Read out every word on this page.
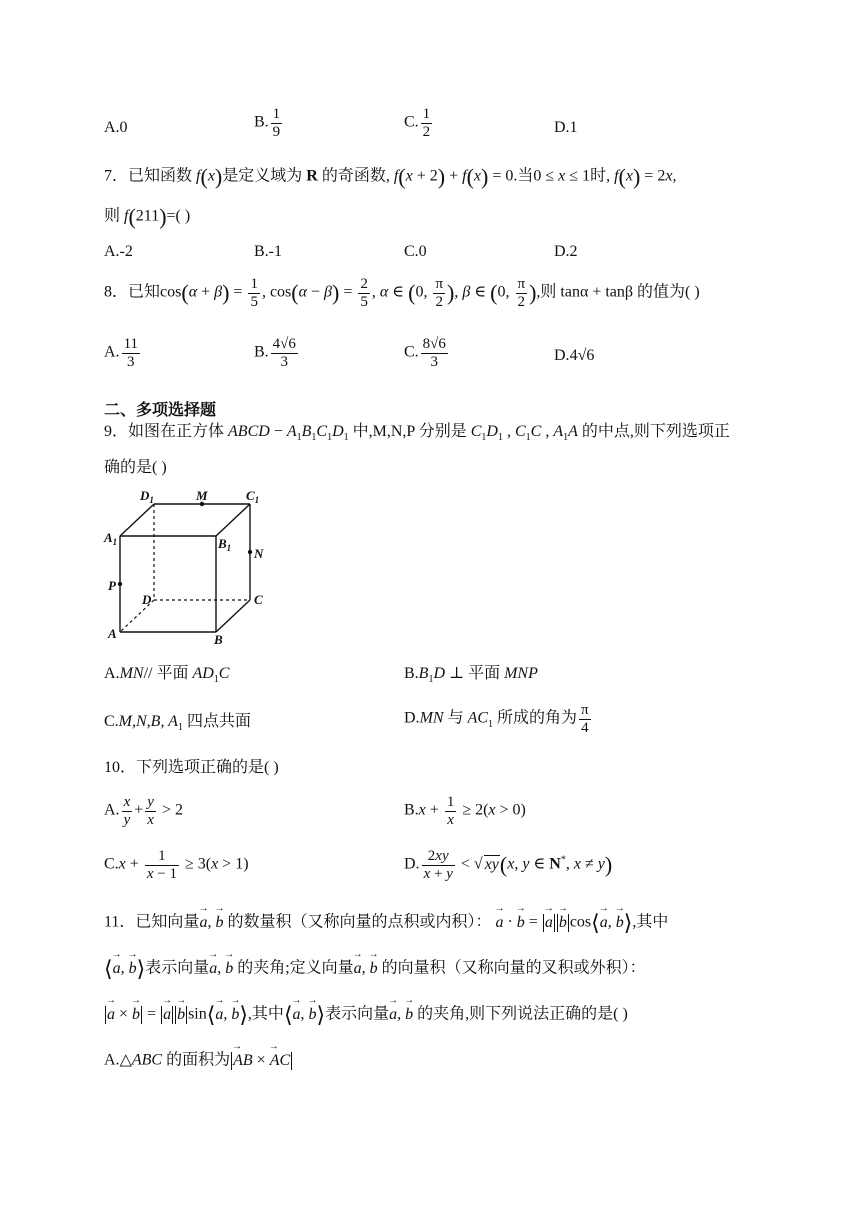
A.0	B. $\frac{1}{9}$	C. $\frac{1}{2}$	D.1
7．已知函数 f(x)是定义域为 R 的奇函数, f(x + 2) + f(x) = 0.当0 ≤ x ≤ 1时, f(x) = 2x,
则 f(211)=( )
A.-2	B.-1	C.0	D.2
8．已知$\cos(\alpha + \beta) = \frac{1}{5}$ , $\cos(\alpha - \beta) = \frac{2}{5}$ , α ∈ (0, $\frac{\pi}{2}$ ), β ∈ (0, $\frac{\pi}{2}$ ),则 tanα + tanβ 的值为( )
A. $\frac{11}{3}$	B. $\frac{4√6}{3}$	C. $\frac{8√6}{3}$	D.4√6
二、多项选择题
9．如图在正方体 ABCD − $A_1B_1C_1D_1$ 中,M,N,P 分别是 $C_1D_1$ , $C_1C$ , $A_1A$ 的中点,则下列选项正
确的是( )
$D_1$	M	$C_1$
$A_1$	$B_1$ N
P
D	C
A	B
A.MN// 平面 $AD_1C$	$B.B_1D$ ⊥ 平面 MNP
C.M,N,B, $A_1$ 四点共面	D.MN 与 $AC_1$ 所成的角为 $\frac{\pi}{4}$
10．下列选项正确的是( )
A. $\frac{x}{y} + \frac{y}{x} > 2$	$B.x + \frac{1}{x} \ge 2(x > 0)$
$C.x + \frac{1}{x - 1} \ge 3(x > 1)$	D. $\frac{2xy}{x + y}$ < √ xy(x, y ∈ N*, x ≠ y)
11．已知向量→ a, → b 的数量积（又称向量的点积或内积）： → a · → b = → a → b cos⟨→ a, → b⟩,其中
⟨→ a, → b⟩表示向量→ a, → b 的夹角;定义向量→ a, → b 的向量积（又称向量的叉积或外积）：
→ a × → b = → a → b sin⟨→ a, → b⟩,其中⟨→ a, → b⟩表示向量→ a, → b 的夹角,则下列说法正确的是( )
A.△ABC 的面积为 → AB × → AC
